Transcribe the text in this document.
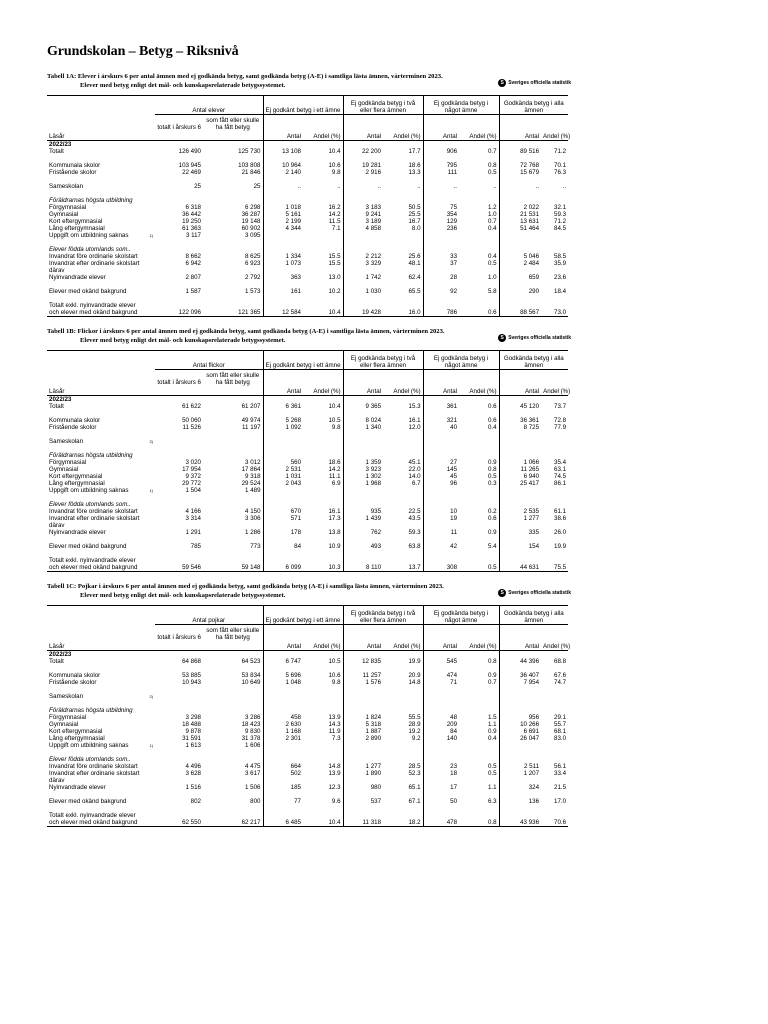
Grundskolan – Betyg – Riksnivå
Tabell 1A: Elever i årskurs 6 per antal ämnen med ej godkända betyg, samt godkända betyg (A-E) i samtliga lästa ämnen, vårterminen 2023.
Elever med betyg enligt det mål- och kunskapsrelaterade betygssystemet.	S Sveriges officiella statistik
	Antal elever		Ej godkänt betyg i ett ämne		Ej godkända betyg i två eller flera ämnen		Ej godkända betyg i något ämne		Godkända betyg i alla ämnen	
	totalt i årskurs 6	som fått eller skulle ha fått betyg								
Läsår			Antal	Andel (%)	Antal	Andel (%)	Antal	Andel (%)	Antal	Andel (%)
2022/23										
Totalt	126 490	125 730	13 108	10.4	22 200	17.7	906	0.7	89 516	71.2

Kommunala skolor	103 945	103 808	10 964	10.6	19 281	18.6	795	0.8	72 768	70.1
Fristående skolor	22 469	21 846	2 140	9.8	2 916	13.3	111	0.5	15 679	76.3

Sameskolan	25	25	..	..	..	..	..	..	..	..

Föräldrarnas högsta utbildning										
Förgymnasial	6 318	6 298	1 018	16.2	3 183	50.5	75	1.2	2 022	32.1
Gymnasial	36 442	36 287	5 161	14.2	9 241	25.5	354	1.0	21 531	59.3
Kort eftergymnasial	19 250	19 148	2 199	11.5	3 189	16.7	129	0.7	13 631	71.2
Lång eftergymnasial	61 363	60 902	4 344	7.1	4 858	8.0	236	0.4	51 464	84.5
Uppgift om utbildning saknas 1)	3 117	3 095								

Elever födda utomlands som..										
Invandrat före ordinarie skolstart	8 662	8 625	1 334	15.5	2 212	25.6	33	0.4	5 046	58.5
Invandrat efter ordinarie skolstart	6 942	6 923	1 073	15.5	3 329	48.1	37	0.5	2 484	35.9
därav										
Nyinvandrade elever	2 807	2 792	363	13.0	1 742	62.4	28	1.0	659	23.6

Elever med okänd bakgrund	1 587	1 573	161	10.2	1 030	65.5	92	5.8	290	18.4

Totalt exkl. nyinvandrade elever										
och elever med okänd bakgrund	122 096	121 365	12 584	10.4	19 428	16.0	786	0.6	88 567	73.0
Tabell 1B: Flickor i årskurs 6 per antal ämnen med ej godkända betyg, samt godkända betyg (A-E) i samtliga lästa ämnen, vårterminen 2023.
Elever med betyg enligt det mål- och kunskapsrelaterade betygssystemet.	S Sveriges officiella statistik
	Antal flickor		Ej godkänt betyg i ett ämne		Ej godkända betyg i två eller flera ämnen		Ej godkända betyg i något ämne		Godkända betyg i alla ämnen	
	totalt i årskurs 6	som fått eller skulle ha fått betyg								
Läsår			Antal	Andel (%)	Antal	Andel (%)	Antal	Andel (%)	Antal	Andel (%)
2022/23										
Totalt	61 622	61 207	6 361	10.4	9 365	15.3	361	0.6	45 120	73.7

Kommunala skolor	50 060	49 974	5 268	10.5	8 024	16.1	321	0.6	36 361	72.8
Fristående skolor	11 526	11 197	1 092	9.8	1 340	12.0	40	0.4	8 725	77.9

Sameskolan 2)										

Föräldrarnas högsta utbildning										
Förgymnasial	3 020	3 012	560	18.6	1 359	45.1	27	0.9	1 066	35.4
Gymnasial	17 954	17 864	2 531	14.2	3 923	22.0	145	0.8	11 265	63.1
Kort eftergymnasial	9 372	9 318	1 031	11.1	1 302	14.0	45	0.5	6 940	74.5
Lång eftergymnasial	29 772	29 524	2 043	6.9	1 968	6.7	96	0.3	25 417	86.1
Uppgift om utbildning saknas 1)	1 504	1 489								

Elever födda utomlands som..										
Invandrat före ordinarie skolstart	4 166	4 150	670	16.1	935	22.5	10	0.2	2 535	61.1
Invandrat efter ordinarie skolstart	3 314	3 306	571	17.3	1 439	43.5	19	0.6	1 277	38.6
därav										
Nyinvandrade elever	1 291	1 286	178	13.8	762	59.3	11	0.9	335	26.0

Elever med okänd bakgrund	785	773	84	10.9	493	63.8	42	5.4	154	19.9

Totalt exkl. nyinvandrade elever										
och elever med okänd bakgrund	59 546	59 148	6 099	10.3	8 110	13.7	308	0.5	44 631	75.5
Tabell 1C: Pojkar i årskurs 6 per antal ämnen med ej godkända betyg, samt godkända betyg (A-E) i samtliga lästa ämnen, vårterminen 2023.
Elever med betyg enligt det mål- och kunskapsrelaterade betygssystemet.	S Sveriges officiella statistik
	Antal pojkar		Ej godkänt betyg i ett ämne		Ej godkända betyg i två eller flera ämnen		Ej godkända betyg i något ämne		Godkända betyg i alla ämnen	
	totalt i årskurs 6	som fått eller skulle ha fått betyg								
Läsår			Antal	Andel (%)	Antal	Andel (%)	Antal	Andel (%)	Antal	Andel (%)
2022/23										
Totalt	64 868	64 523	6 747	10.5	12 835	19.9	545	0.8	44 396	68.8

Kommunala skolor	53 885	53 834	5 696	10.6	11 257	20.9	474	0.9	36 407	67.6
Fristående skolor	10 943	10 649	1 048	9.8	1 576	14.8	71	0.7	7 954	74.7

Sameskolan 2)										

Föräldrarnas högsta utbildning										
Förgymnasial	3 298	3 286	458	13.9	1 824	55.5	48	1.5	956	29.1
Gymnasial	18 488	18 423	2 630	14.3	5 318	28.9	209	1.1	10 266	55.7
Kort eftergymnasial	9 878	9 830	1 168	11.9	1 887	19.2	84	0.9	6 691	68.1
Lång eftergymnasial	31 591	31 378	2 301	7.3	2 890	9.2	140	0.4	26 047	83.0
Uppgift om utbildning saknas 1)	1 613	1 606								

Elever födda utomlands som..										
Invandrat före ordinarie skolstart	4 496	4 475	664	14.8	1 277	28.5	23	0.5	2 511	56.1
Invandrat efter ordinarie skolstart	3 628	3 617	502	13.9	1 890	52.3	18	0.5	1 207	33.4
därav										
Nyinvandrade elever	1 516	1 506	185	12.3	980	65.1	17	1.1	324	21.5

Elever med okänd bakgrund	802	800	77	9.6	537	67.1	50	6.3	136	17.0

Totalt exkl. nyinvandrade elever										
och elever med okänd bakgrund	62 550	62 217	6 485	10.4	11 318	18.2	478	0.8	43 936	70.6
